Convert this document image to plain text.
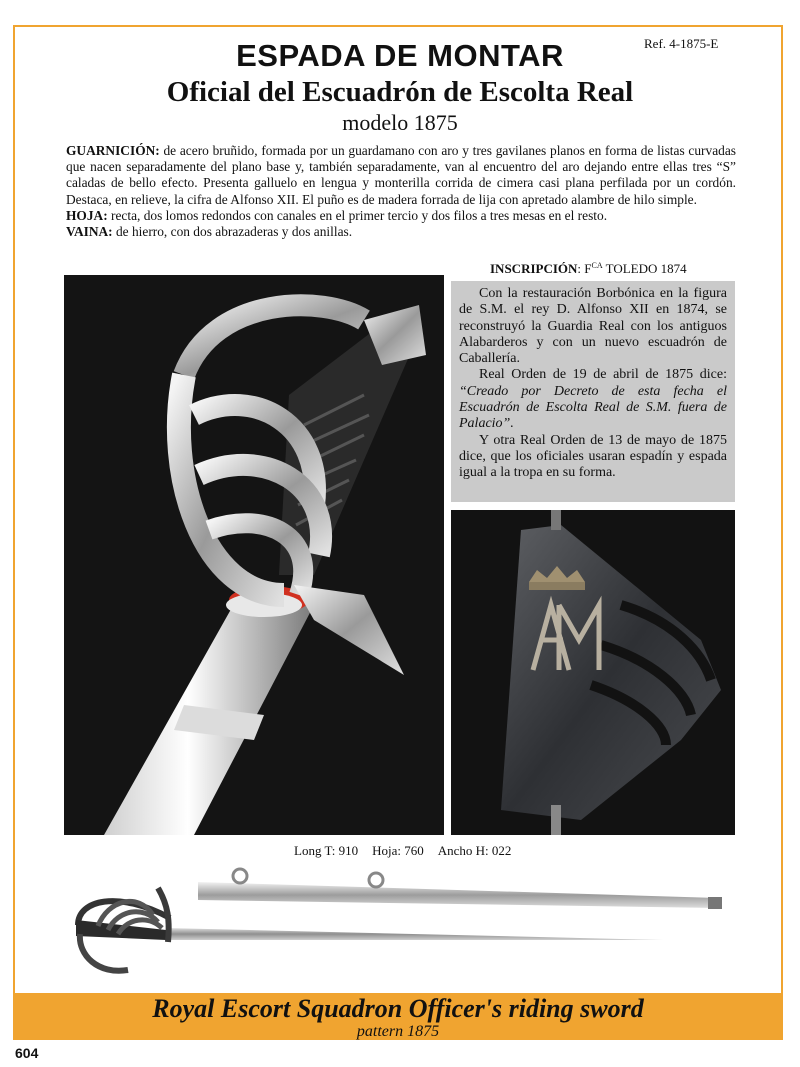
Ref. 4-1875-E
ESPADA DE MONTAR
Oficial del Escuadrón de Escolta Real
modelo 1875

GUARNICIÓN: de acero bruñido, formada por un guardamano con aro y tres gavilanes planos en forma de listas curvadas que nacen separadamente del plano base y, también separadamente, van al encuentro del aro dejando entre ellas tres “S” caladas de bello efecto. Presenta galluelo en lengua y monterilla corrida de cimera casi plana perfilada por un cordón. Destaca, en relieve, la cifra de Alfonso XII. El puño es de madera forrada de lija con apretado alambre de hilo simple.

HOJA: recta, dos lomos redondos con canales en el primer tercio y dos filos a tres mesas en el resto.

VAINA: de hierro, con dos abrazaderas y dos anillas.

INSCRIPCIÓN: $F^{CA}$ TOLEDO 1874

Con la restauración Borbónica en la figura de S.M. el rey D. Alfonso XII en 1874, se reconstruyó la Guardia Real con los antiguos Alabarderos y con un nuevo escuadrón de Caballería.

Real Orden de 19 de abril de 1875 dice: “Creado por Decreto de esta fecha el Escuadrón de Escolta Real de S.M. fuera de Palacio”.

Y otra Real Orden de 13 de mayo de 1875 dice, que los oficiales usaran espadín y espada igual a la tropa en su forma.

Long T: 910 Hoja: 760 Ancho H: 022
Royal Escort Squadron Officer's riding sword
pattern 1875
604
